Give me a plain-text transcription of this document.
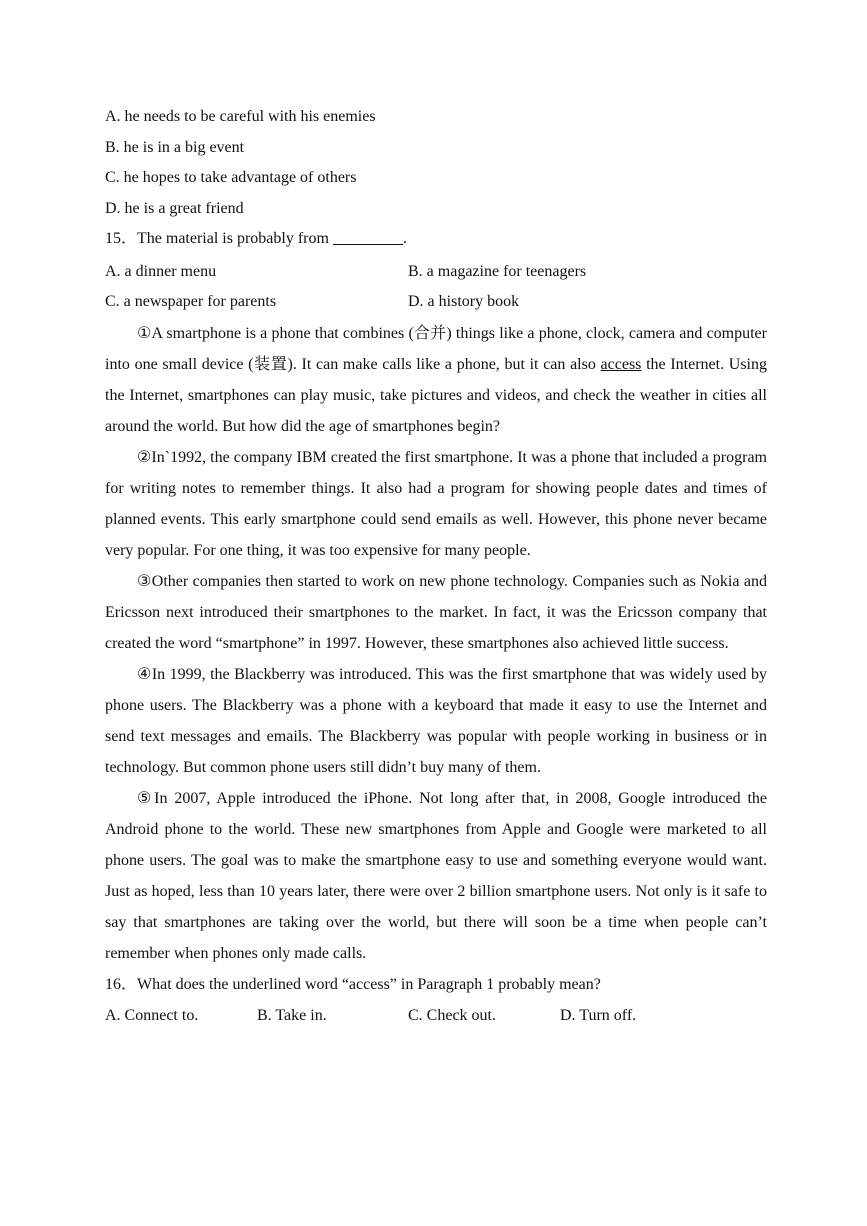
A. he needs to be careful with his enemies
B. he is in a big event
C. he hopes to take advantage of others
D. he is a great friend
15．The material is probably from	.
A. a dinner menu	B. a magazine for teenagers
C. a newspaper for parents	D. a history book

①A smartphone is a phone that combines (合并) things like a phone, clock, camera and computer into one small device (装置). It can make calls like a phone, but it can also access the Internet. Using the Internet, smartphones can play music, take pictures and videos, and check the weather in cities all around the world. But how did the age of smartphones begin?

②In`1992, the company IBM created the first smartphone. It was a phone that included a program for writing notes to remember things. It also had a program for showing people dates and times of planned events. This early smartphone could send emails as well. However, this phone never became very popular. For one thing, it was too expensive for many people.

③Other companies then started to work on new phone technology. Companies such as Nokia and Ericsson next introduced their smartphones to the market. In fact, it was the Ericsson company that created the word “smartphone” in 1997. However, these smartphones also achieved little success.

④In 1999, the Blackberry was introduced. This was the first smartphone that was widely used by phone users. The Blackberry was a phone with a keyboard that made it easy to use the Internet and send text messages and emails. The Blackberry was popular with people working in business or in technology. But common phone users still didn’t buy many of them.

⑤In 2007, Apple introduced the iPhone. Not long after that, in 2008, Google introduced the Android phone to the world. These new smartphones from Apple and Google were marketed to all phone users. The goal was to make the smartphone easy to use and something everyone would want. Just as hoped, less than 10 years later, there were over 2 billion smartphone users. Not only is it safe to say that smartphones are taking over the world, but there will soon be a time when people can’t remember when phones only made calls.

16．What does the underlined word “access” in Paragraph 1 probably mean?
A. Connect to.	B. Take in.	C. Check out.	D. Turn off.
